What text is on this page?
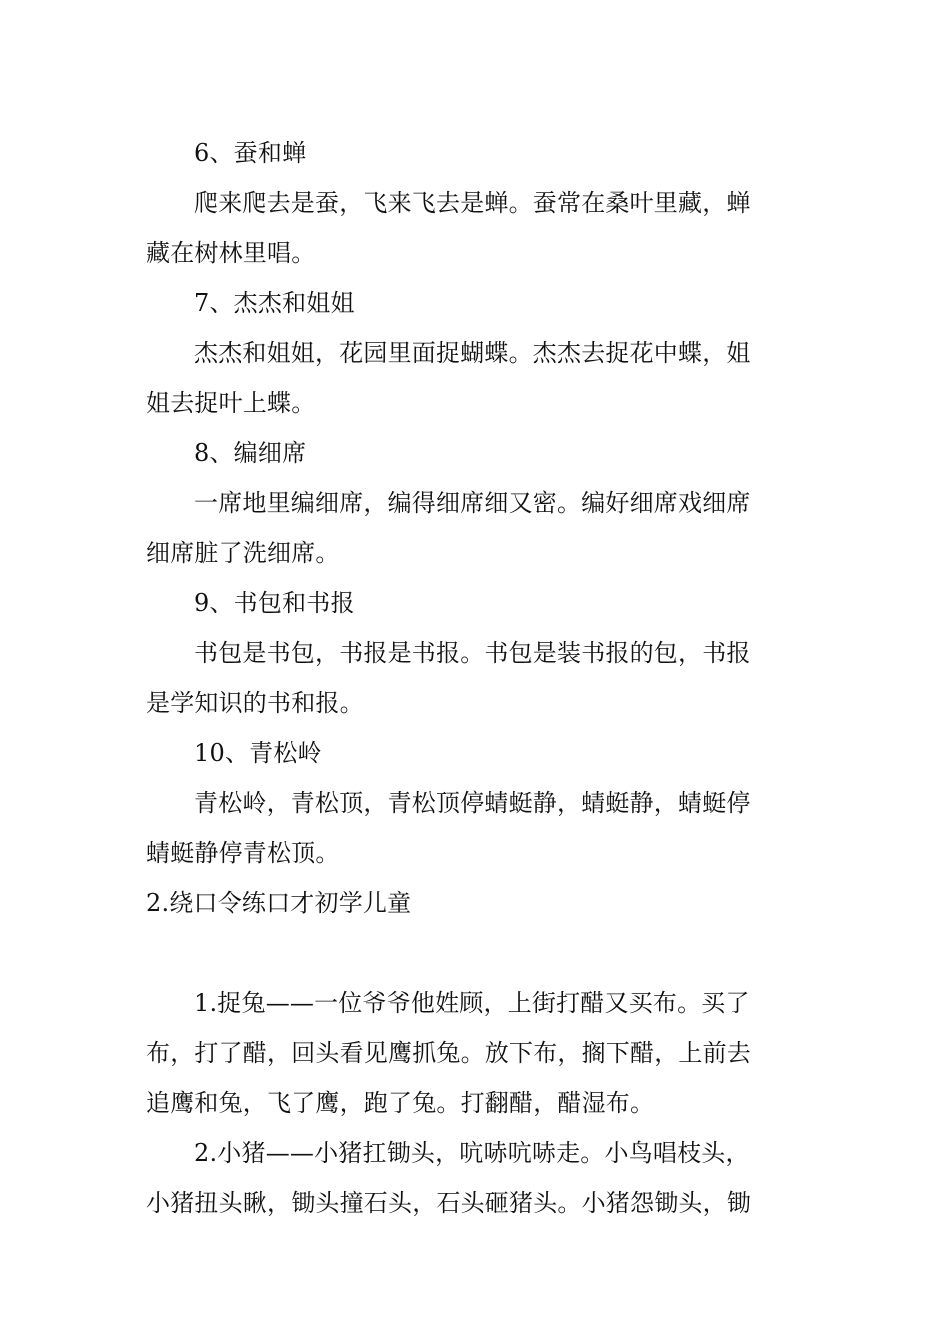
6、蚕和蝉
爬来爬去是蚕，飞来飞去是蝉。蚕常在桑叶里藏，蝉
藏在树林里唱。
7、杰杰和姐姐
杰杰和姐姐，花园里面捉蝴蝶。杰杰去捉花中蝶，姐
姐去捉叶上蝶。
8、编细席
一席地里编细席，编得细席细又密。编好细席戏细席
细席脏了洗细席。
9、书包和书报
书包是书包，书报是书报。书包是装书报的包，书报
是学知识的书和报。
10、青松岭
青松岭，青松顶，青松顶停蜻蜓静，蜻蜓静，蜻蜓停
蜻蜓静停青松顶。
2.绕口令练口才初学儿童
1.捉兔——一位爷爷他姓顾，上街打醋又买布。买了
布，打了醋，回头看见鹰抓兔。放下布，搁下醋，上前去
追鹰和兔，飞了鹰，跑了兔。打翻醋，醋湿布。
2.小猪——小猪扛锄头，吭哧吭哧走。小鸟唱枝头，
小猪扭头瞅，锄头撞石头，石头砸猪头。小猪怨锄头，锄
